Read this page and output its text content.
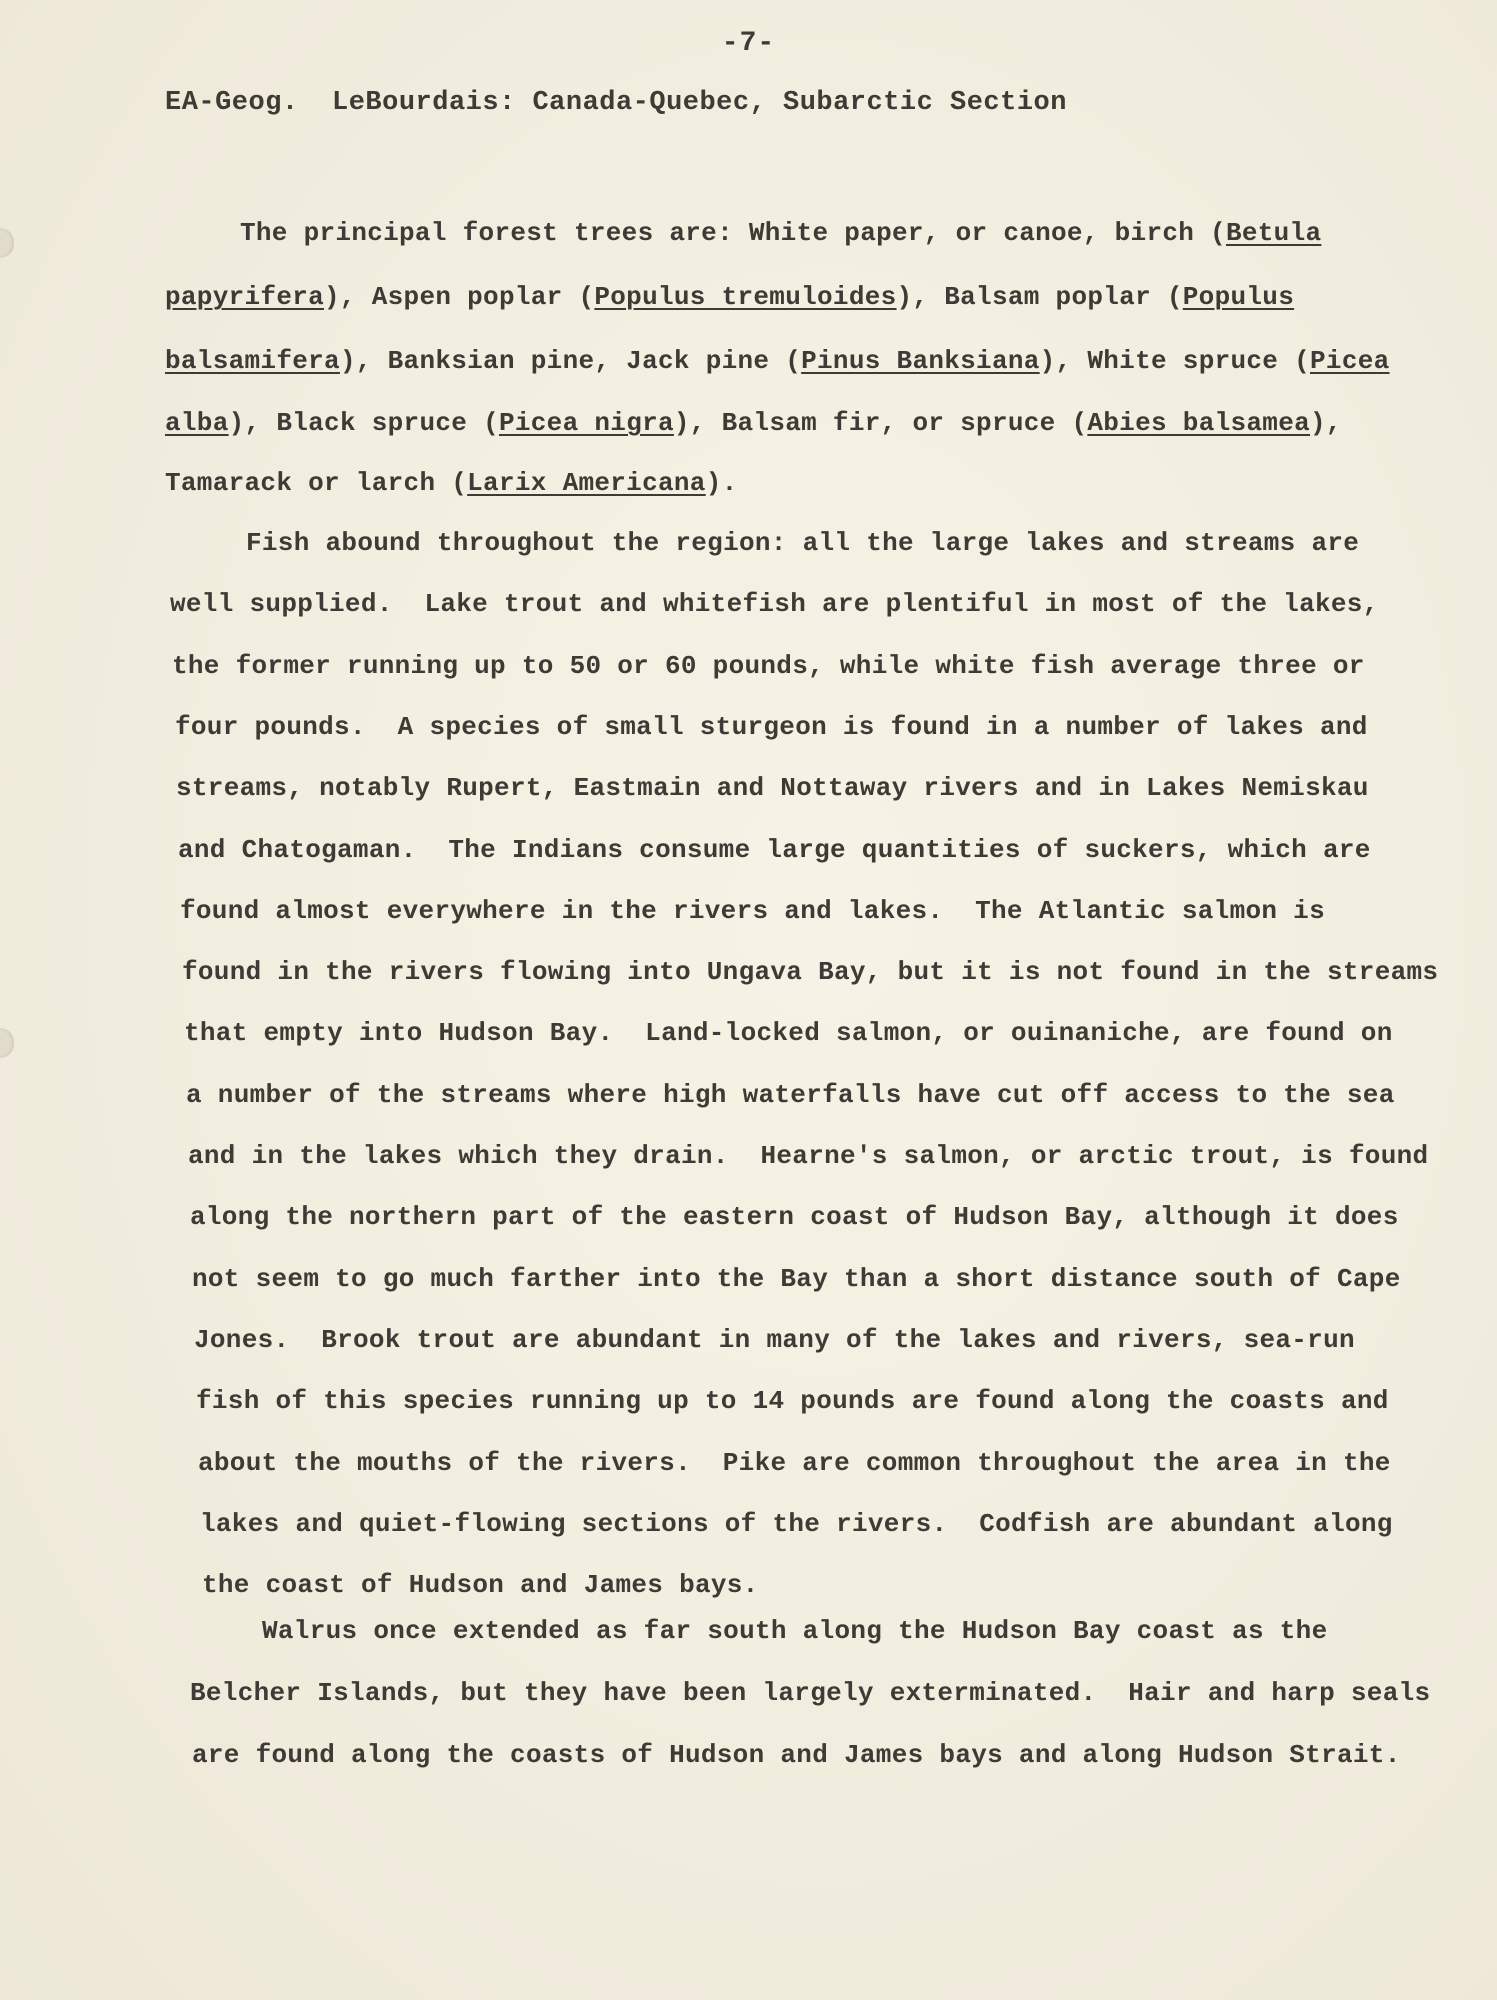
-7-
EA-Geog.  LeBourdais: Canada-Quebec, Subarctic Section
The principal forest trees are: White paper, or canoe, birch (Betula
papyrifera), Aspen poplar (Populus tremuloides), Balsam poplar (Populus
balsamifera), Banksian pine, Jack pine (Pinus Banksiana), White spruce (Picea
alba), Black spruce (Picea nigra), Balsam fir, or spruce (Abies balsamea),
Tamarack or larch (Larix Americana).
Fish abound throughout the region: all the large lakes and streams are
well supplied.  Lake trout and whitefish are plentiful in most of the lakes,
the former running up to 50 or 60 pounds, while white fish average three or
four pounds.  A species of small sturgeon is found in a number of lakes and
streams, notably Rupert, Eastmain and Nottaway rivers and in Lakes Nemiskau
and Chatogaman.  The Indians consume large quantities of suckers, which are
found almost everywhere in the rivers and lakes.  The Atlantic salmon is
found in the rivers flowing into Ungava Bay, but it is not found in the streams
that empty into Hudson Bay.  Land-locked salmon, or ouinaniche, are found on
a number of the streams where high waterfalls have cut off access to the sea
and in the lakes which they drain.  Hearne's salmon, or arctic trout, is found
along the northern part of the eastern coast of Hudson Bay, although it does
not seem to go much farther into the Bay than a short distance south of Cape
Jones.  Brook trout are abundant in many of the lakes and rivers, sea-run
fish of this species running up to 14 pounds are found along the coasts and
about the mouths of the rivers.  Pike are common throughout the area in the
lakes and quiet-flowing sections of the rivers.  Codfish are abundant along
the coast of Hudson and James bays.
Walrus once extended as far south along the Hudson Bay coast as the
Belcher Islands, but they have been largely exterminated.  Hair and harp seals
are found along the coasts of Hudson and James bays and along Hudson Strait.
